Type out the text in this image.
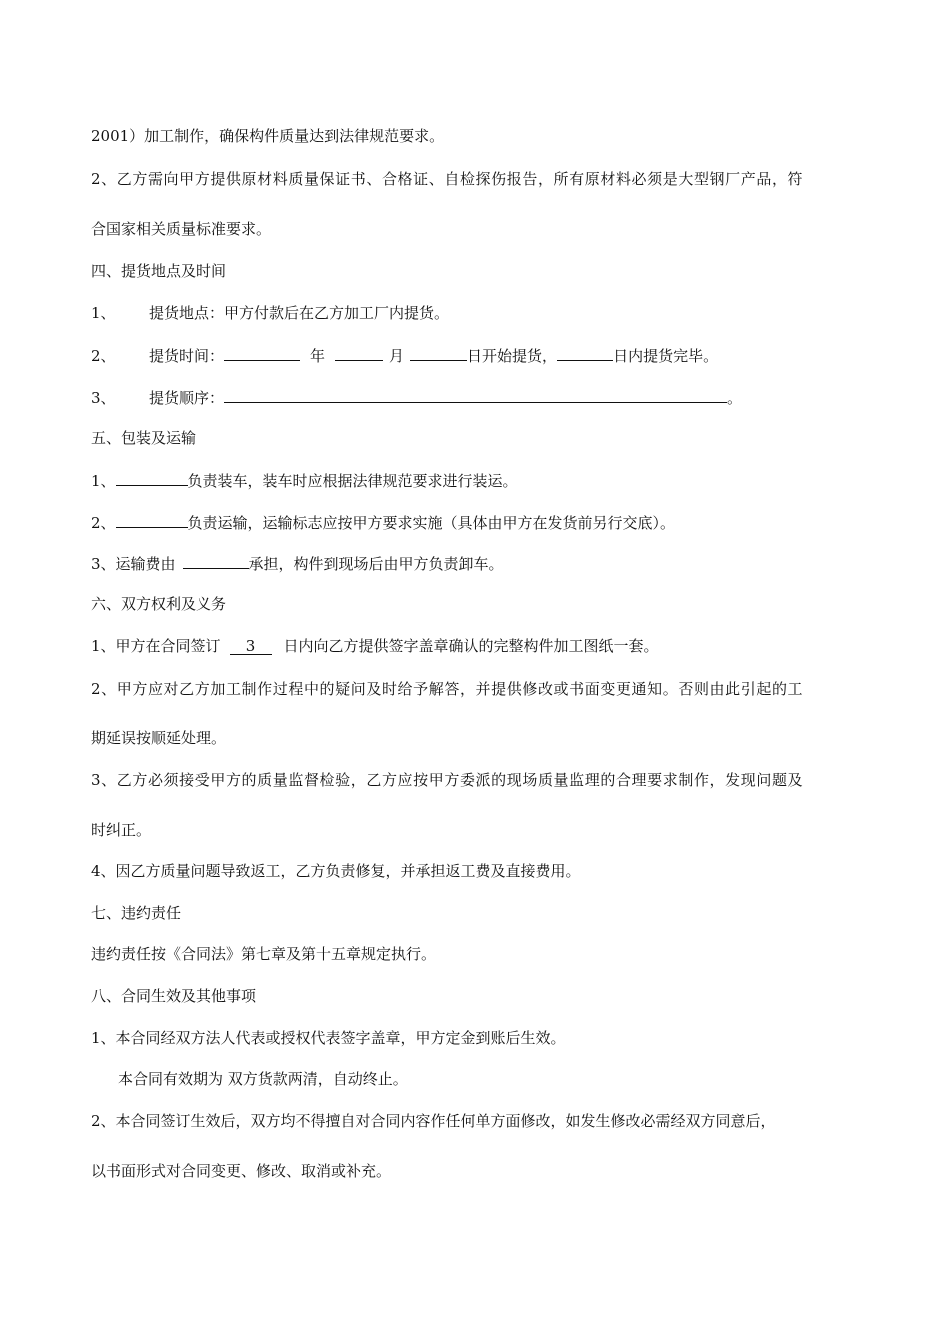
2001）加工制作，确保构件质量达到法律规范要求。
2、乙方需向甲方提供原材料质量保证书、合格证、自检探伤报告，所有原材料必须是大型钢厂产品，符
合国家相关质量标准要求。
四、提货地点及时间
1、 提货地点：甲方付款后在乙方加工厂内提货。
2、 提货时间：	年	月	日开始提货，	日内提货完毕。
3、 提货顺序：	。
五、包装及运输
1、	负责装车，装车时应根据法律规范要求进行装运。
2、	负责运输，运输标志应按甲方要求实施（具体由甲方在发货前另行交底）。
3、运输费由	承担，构件到现场后由甲方负责卸车。
六、双方权利及义务
1、甲方在合同签订 3 日内向乙方提供签字盖章确认的完整构件加工图纸一套。
2、甲方应对乙方加工制作过程中的疑问及时给予解答，并提供修改或书面变更通知。否则由此引起的工
期延误按顺延处理。
3、乙方必须接受甲方的质量监督检验，乙方应按甲方委派的现场质量监理的合理要求制作，发现问题及
时纠正。
4、因乙方质量问题导致返工，乙方负责修复，并承担返工费及直接费用。
七、违约责任
违约责任按《合同法》第七章及第十五章规定执行。
八、合同生效及其他事项
1、本合同经双方法人代表或授权代表签字盖章，甲方定金到账后生效。
本合同有效期为 双方货款两清，自动终止。
2、本合同签订生效后，双方均不得擅自对合同内容作任何单方面修改，如发生修改必需经双方同意后，
以书面形式对合同变更、修改、取消或补充。
